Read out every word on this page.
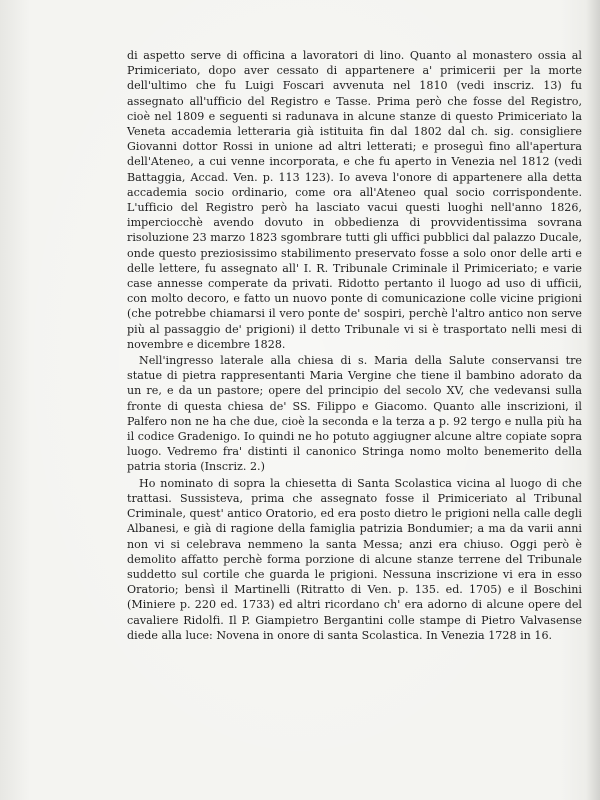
di aspetto serve di officina a lavoratori di lino. Quanto al monastero ossia al Primiceriato, dopo aver cessato di appartenere a' primicerii per la morte dell'ultimo che fu Luigi Foscari avvenuta nel 1810 (vedi inscriz. 13) fu assegnato all'ufficio del Registro e Tasse. Prima però che fosse del Registro, cioè nel 1809 e seguenti si radunava in alcune stanze di questo Primiceriato la Veneta accademia letteraria già istituita fin dal 1802 dal ch. sig. consigliere Giovanni dottor Rossi in unione ad altri letterati; e proseguì fino all'apertura dell'Ateneo, a cui venne incorporata, e che fu aperto in Venezia nel 1812 (vedi Battaggia, Accad. Ven. p. 113 123). Io aveva l'onore di appartenere alla detta accademia socio ordinario, come ora all'Ateneo qual socio corrispondente. L'ufficio del Registro però ha lasciato vacui questi luoghi nell'anno 1826, imperciocchè avendo dovuto in obbedienza di provvidentissima sovrana risoluzione 23 marzo 1823 sgombrare tutti gli uffici pubblici dal palazzo Ducale, onde questo preziosissimo stabilimento preservato fosse a solo onor delle arti e delle lettere, fu assegnato all' I. R. Tribunale Criminale il Primiceriato; e varie case annesse comperate da privati. Ridotto pertanto il luogo ad uso di ufficii, con molto decoro, e fatto un nuovo ponte di comunicazione colle vicine prigioni (che potrebbe chiamarsi il vero ponte de' sospiri, perchè l'altro antico non serve più al passaggio de' prigioni) il detto Tribunale vi si è trasportato nelli mesi di novembre e dicembre 1828.

Nell'ingresso laterale alla chiesa di s. Maria della Salute conservansi tre statue di pietra rappresentanti Maria Vergine che tiene il bambino adorato da un re, e da un pastore; opere del principio del secolo XV, che vedevansi sulla fronte di questa chiesa de' SS. Filippo e Giacomo. Quanto alle inscrizioni, il Palfero non ne ha che due, cioè la seconda e la terza a p. 92 tergo e nulla più ha il codice Gradenigo. Io quindi ne ho potuto aggiugner alcune altre copiate sopra luogo. Vedremo fra' distinti il canonico Stringa nomo molto benemerito della patria storia (Inscriz. 2.)

Ho nominato di sopra la chiesetta di Santa Scolastica vicina al luogo di che trattasi. Sussisteva, prima che assegnato fosse il Primiceriato al Tribunal Criminale, quest' antico Oratorio, ed era posto dietro le prigioni nella calle degli Albanesi, e già di ragione della famiglia patrizia Bondumier; a ma da varii anni non vi si celebrava nemmeno la santa Messa; anzi era chiuso. Oggi però è demolito affatto perchè forma porzione di alcune stanze terrene del Tribunale suddetto sul cortile che guarda le prigioni. Nessuna inscrizione vi era in esso Oratorio; bensì il Martinelli (Ritratto di Ven. p. 135. ed. 1705) e il Boschini (Miniere p. 220 ed. 1733) ed altri ricordano ch' era adorno di alcune opere del cavaliere Ridolfi. Il P. Giampietro Bergantini colle stampe di Pietro Valvasense diede alla luce: Novena in onore di santa Scolastica. In Venezia 1728 in 16.
